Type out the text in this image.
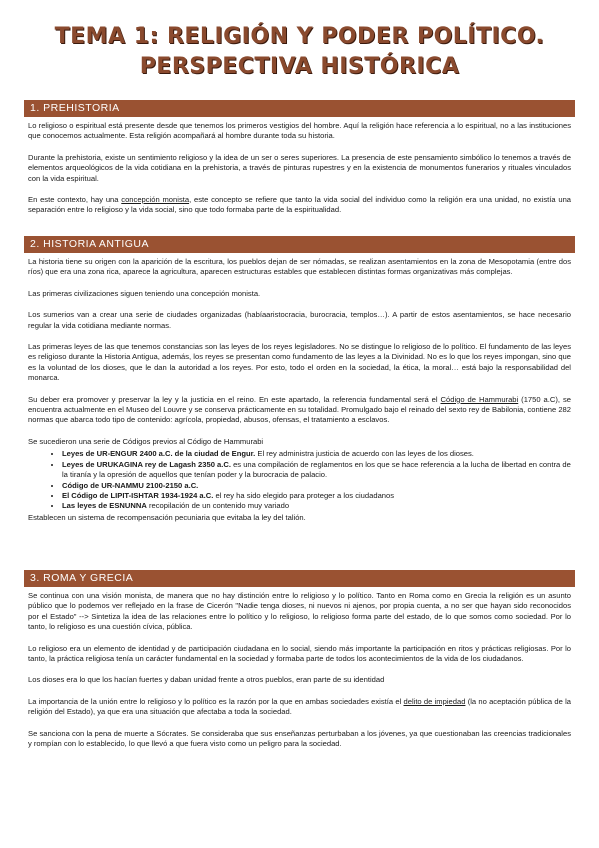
TEMA 1: RELIGIÓN Y PODER POLÍTICO.
PERSPECTIVA HISTÓRICA
1. PREHISTORIA
Lo religioso o espiritual está presente desde que tenemos los primeros vestigios del hombre. Aquí la religión hace referencia a lo espiritual, no a las instituciones que conocemos actualmente. Esta religión acompañará al hombre durante toda su historia.
Durante la prehistoria, existe un sentimiento religioso y la idea de un ser o seres superiores. La presencia de este pensamiento simbólico lo tenemos a través de elementos arqueológicos de la vida cotidiana en la prehistoria, a través de pinturas rupestres y en la existencia de monumentos funerarios y rituales vinculados con la vida espiritual.
En este contexto, hay una concepción monista, este concepto se refiere que tanto la vida social del individuo como la religión era una unidad, no existía una separación entre lo religioso y la vida social, sino que todo formaba parte de la espiritualidad.
2. HISTORIA ANTIGUA
La historia tiene su origen con la aparición de la escritura, los pueblos dejan de ser nómadas, se realizan asentamientos en la zona de Mesopotamia (entre dos ríos) que era una zona rica, aparece la agricultura, aparecen estructuras estables que establecen distintas formas organizativas más complejas.
Las primeras civilizaciones siguen teniendo una concepción monista.
Los sumerios van a crear una serie de ciudades organizadas (habíaaristocracia, burocracia, templos…). A partir de estos asentamientos, se hace necesario regular la vida cotidiana mediante normas.
Las primeras leyes de las que tenemos constancias son las leyes de los reyes legisladores. No se distingue lo religioso de lo político. El fundamento de las leyes es religioso durante la Historia Antigua, además, los reyes se presentan como fundamento de las leyes a la Divinidad. No es lo que los reyes impongan, sino que es la voluntad de los dioses, que le dan la autoridad a los reyes. Por esto, todo el orden en la sociedad, la ética, la moral… está bajo la responsabilidad del monarca.
Su deber era promover y preservar la ley y la justicia en el reino. En este apartado, la referencia fundamental será el Código de Hammurabi (1750 a.C), se encuentra actualmente en el Museo del Louvre y se conserva prácticamente en su totalidad. Promulgado bajo el reinado del sexto rey de Babilonia, contiene 282 normas que abarca todo tipo de contenido: agrícola, propiedad, abusos, ofensas, el tratamiento a esclavos.
Se sucedieron una serie de Códigos previos al Código de Hammurabi
• Leyes de UR-ENGUR 2400 a.C. de la ciudad de Engur. El rey administra justicia de acuerdo con las leyes de los dioses.
• Leyes de URUKAGINA rey de Lagash 2350 a.C. es una compilación de reglamentos en los que se hace referencia a la lucha de libertad en contra de la tiranía y la opresión de aquellos que tenían poder y la burocracia de palacio.
• Código de UR-NAMMU 2100-2150 a.C.
• El Código de LIPIT-ISHTAR 1934-1924 a.C. el rey ha sido elegido para proteger a los ciudadanos
• Las leyes de ESNUNNA recopilación de un contenido muy variado
Establecen un sistema de recompensación pecuniaria que evitaba la ley del talión.
3. ROMA Y GRECIA
Se continua con una visión monista, de manera que no hay distinción entre lo religioso y lo político. Tanto en Roma como en Grecia la religión es un asunto público que lo podemos ver reflejado en la frase de Cicerón "Nadie tenga dioses, ni nuevos ni ajenos, por propia cuenta, a no ser que hayan sido reconocidos por el Estado" --> Sintetiza la idea de las relaciones entre lo político y lo religioso, lo religioso forma parte del estado, de lo que somos como sociedad. Por lo tanto, lo religioso es una cuestión cívica, pública.
Lo religioso era un elemento de identidad y de participación ciudadana en lo social, siendo más importante la participación en ritos y prácticas religiosas. Por lo tanto, la práctica religiosa tenía un carácter fundamental en la sociedad y formaba parte de todos los acontecimientos de la vida de los ciudadanos.
Los dioses era lo que los hacían fuertes y daban unidad frente a otros pueblos, eran parte de su identidad
La importancia de la unión entre lo religioso y lo político es la razón por la que en ambas sociedades existía el delito de impiedad (la no aceptación pública de la religión del Estado), ya que era una situación que afectaba a toda la sociedad.
Se sanciona con la pena de muerte a Sócrates. Se consideraba que sus enseñanzas perturbaban a los jóvenes, ya que cuestionaban las creencias tradicionales y rompían con lo establecido, lo que llevó a que fuera visto como un peligro para la sociedad.
